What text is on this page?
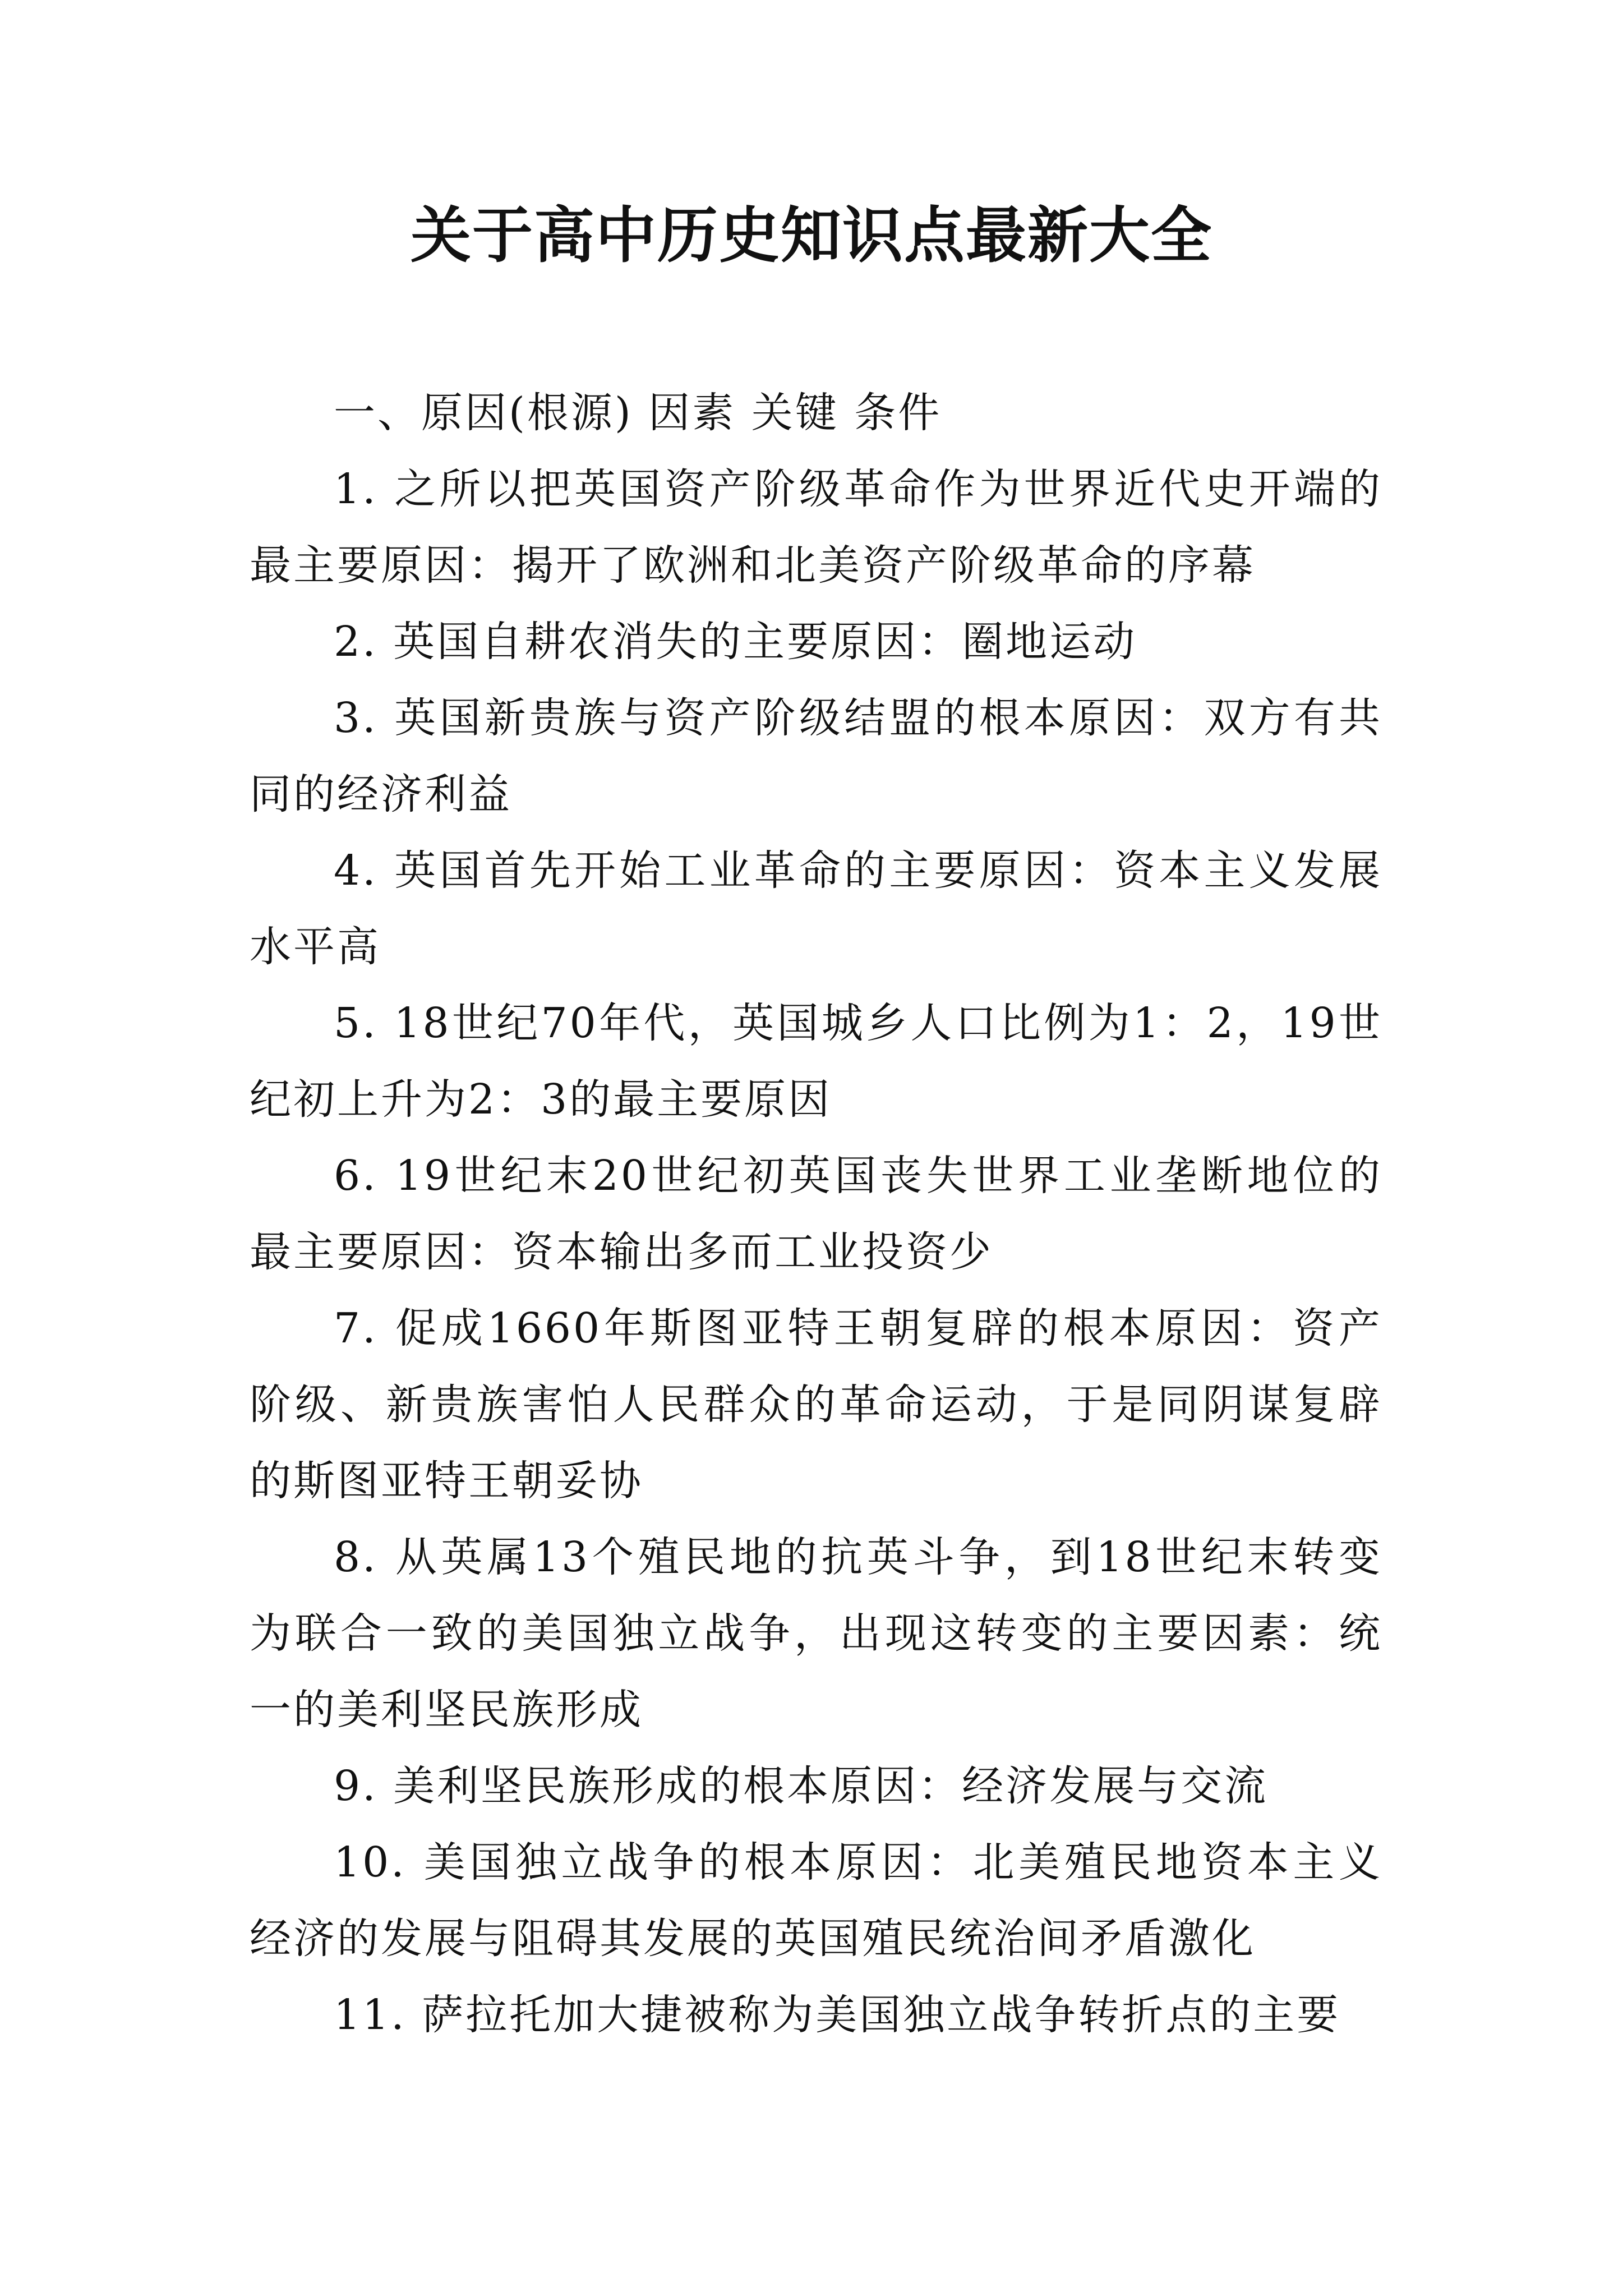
关于高中历史知识点最新大全

一、原因(根源) 因素 关键 条件

1. 之所以把英国资产阶级革命作为世界近代史开端的最主要原因：揭开了欧洲和北美资产阶级革命的序幕

2. 英国自耕农消失的主要原因：圈地运动

3. 英国新贵族与资产阶级结盟的根本原因：双方有共同的经济利益

4. 英国首先开始工业革命的主要原因：资本主义发展水平高

5. 18世纪70年代，英国城乡人口比例为1：2，19世纪初上升为2：3的最主要原因

6. 19世纪末20世纪初英国丧失世界工业垄断地位的最主要原因：资本输出多而工业投资少

7. 促成1660年斯图亚特王朝复辟的根本原因：资产阶级、新贵族害怕人民群众的革命运动，于是同阴谋复辟的斯图亚特王朝妥协

8. 从英属13个殖民地的抗英斗争，到18世纪末转变为联合一致的美国独立战争，出现这转变的主要因素：统一的美利坚民族形成

9. 美利坚民族形成的根本原因：经济发展与交流

10. 美国独立战争的根本原因：北美殖民地资本主义经济的发展与阻碍其发展的英国殖民统治间矛盾激化

11. 萨拉托加大捷被称为美国独立战争转折点的主要
